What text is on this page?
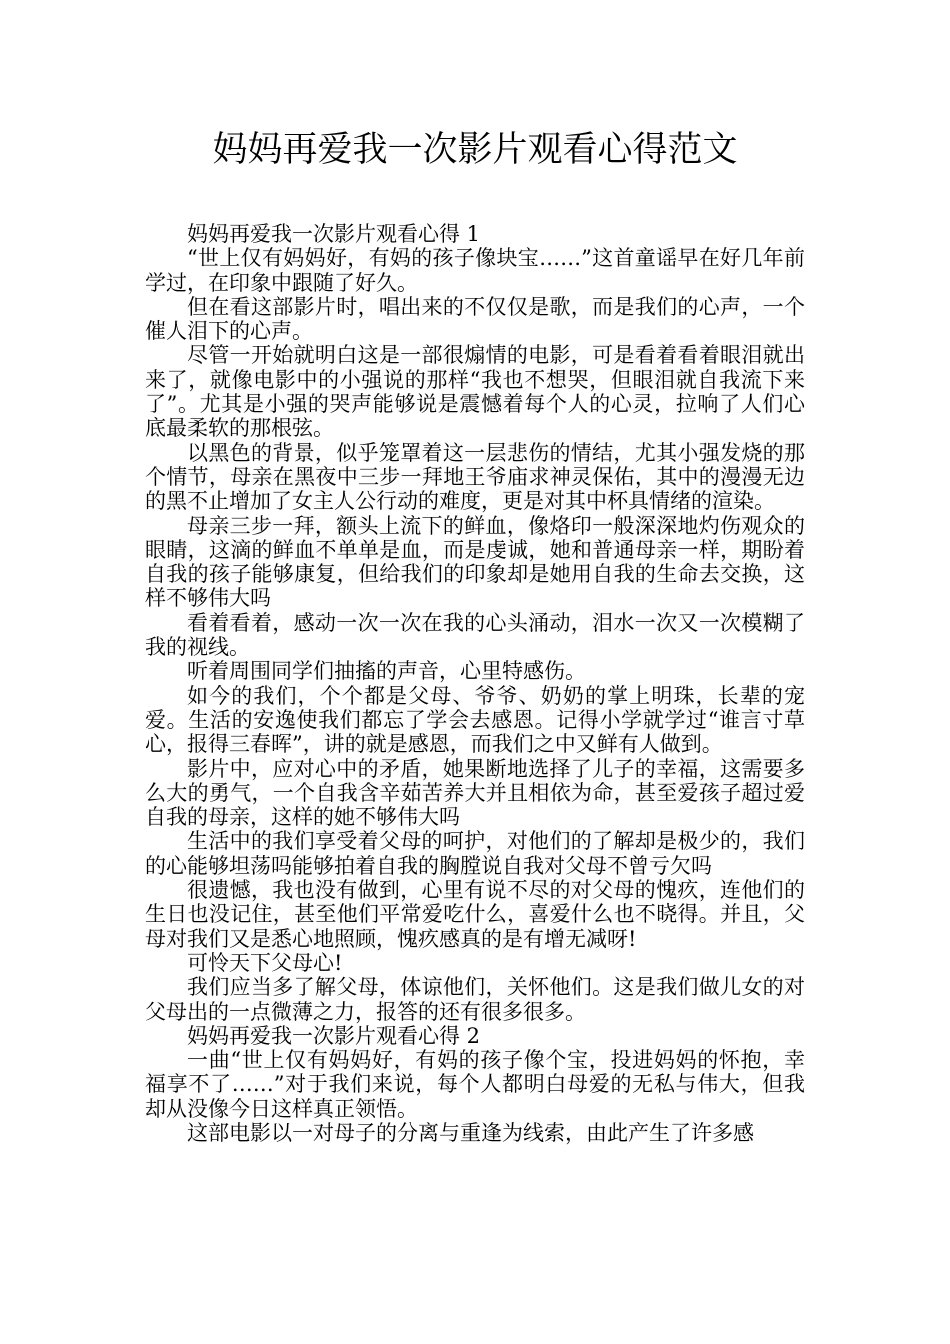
妈妈再爱我一次影片观看心得范文

妈妈再爱我一次影片观看心得 1

“世上仅有妈妈好，有妈的孩子像块宝……”这首童谣早在好几年前学过，在印象中跟随了好久。

但在看这部影片时，唱出来的不仅仅是歌，而是我们的心声，一个催人泪下的心声。

尽管一开始就明白这是一部很煽情的电影，可是看着看着眼泪就出来了，就像电影中的小强说的那样“我也不想哭，但眼泪就自我流下来了”。尤其是小强的哭声能够说是震憾着每个人的心灵，拉响了人们心底最柔软的那根弦。

以黑色的背景，似乎笼罩着这一层悲伤的情结，尤其小强发烧的那个情节，母亲在黑夜中三步一拜地王爷庙求神灵保佑，其中的漫漫无边的黑不止增加了女主人公行动的难度，更是对其中杯具情绪的渲染。

母亲三步一拜，额头上流下的鲜血，像烙印一般深深地灼伤观众的眼睛，这滴的鲜血不单单是血，而是虔诚，她和普通母亲一样，期盼着自我的孩子能够康复，但给我们的印象却是她用自我的生命去交换，这样不够伟大吗

看着看着，感动一次一次在我的心头涌动，泪水一次又一次模糊了我的视线。

听着周围同学们抽搐的声音，心里特感伤。

如今的我们，个个都是父母、爷爷、奶奶的掌上明珠，长辈的宠爱。生活的安逸使我们都忘了学会去感恩。记得小学就学过“谁言寸草心，报得三春晖”，讲的就是感恩，而我们之中又鲜有人做到。

影片中，应对心中的矛盾，她果断地选择了儿子的幸福，这需要多么大的勇气，一个自我含辛茹苦养大并且相依为命，甚至爱孩子超过爱自我的母亲，这样的她不够伟大吗

生活中的我们享受着父母的呵护，对他们的了解却是极少的，我们的心能够坦荡吗能够拍着自我的胸膛说自我对父母不曾亏欠吗

很遗憾，我也没有做到，心里有说不尽的对父母的愧疚，连他们的生日也没记住，甚至他们平常爱吃什么，喜爱什么也不晓得。并且，父母对我们又是悉心地照顾，愧疚感真的是有增无减呀!

可怜天下父母心!

我们应当多了解父母，体谅他们，关怀他们。这是我们做儿女的对父母出的一点微薄之力，报答的还有很多很多。

妈妈再爱我一次影片观看心得 2

一曲“世上仅有妈妈好，有妈的孩子像个宝，投进妈妈的怀抱，幸福享不了……”对于我们来说，每个人都明白母爱的无私与伟大，但我却从没像今日这样真正领悟。

这部电影以一对母子的分离与重逢为线索，由此产生了许多感
